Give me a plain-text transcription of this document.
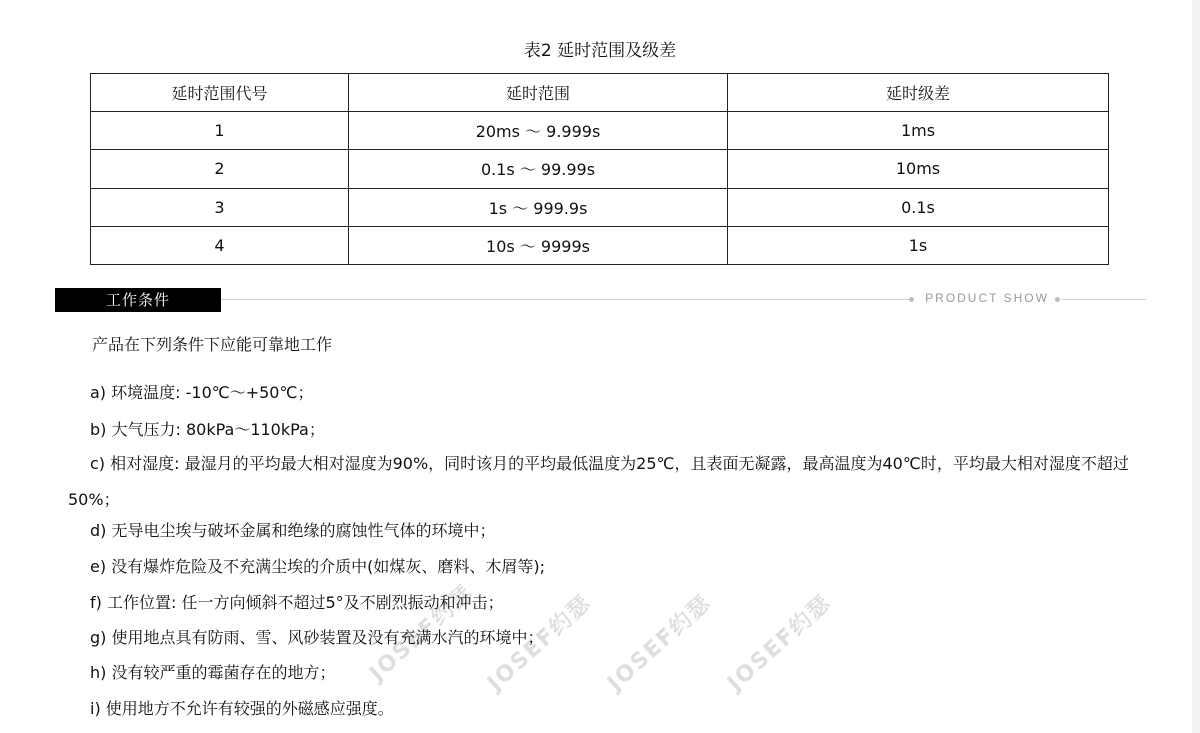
表2 延时范围及级差
延时范围代号	延时范围	延时级差
1	20ms ～ 9.999s	1ms
2	0.1s ～ 99.99s	10ms
3	1s ～ 999.9s	0.1s
4	10s ～ 9999s	1s
工作条件	PRODUCT SHOW
产品在下列条件下应能可靠地工作
a) 环境温度: -10℃～+50℃；
b) 大气压力: 80kPa～110kPa；
c) 相对湿度: 最湿月的平均最大相对湿度为90%，同时该月的平均最低温度为25℃，且表面无凝露，最高温度为40℃时，平均最大相对湿度不超过50%；
d) 无导电尘埃与破坏金属和绝缘的腐蚀性气体的环境中；
e) 没有爆炸危险及不充满尘埃的介质中(如煤灰、磨料、木屑等);
f) 工作位置: 任一方向倾斜不超过5°及不剧烈振动和冲击；
g) 使用地点具有防雨、雪、风砂装置及没有充满水汽的环境中；
h) 没有较严重的霉菌存在的地方；
i) 使用地方不允许有较强的外磁感应强度。
JOSEF约瑟 JOSEF约瑟 JOSEF约瑟 JOSEF约瑟
